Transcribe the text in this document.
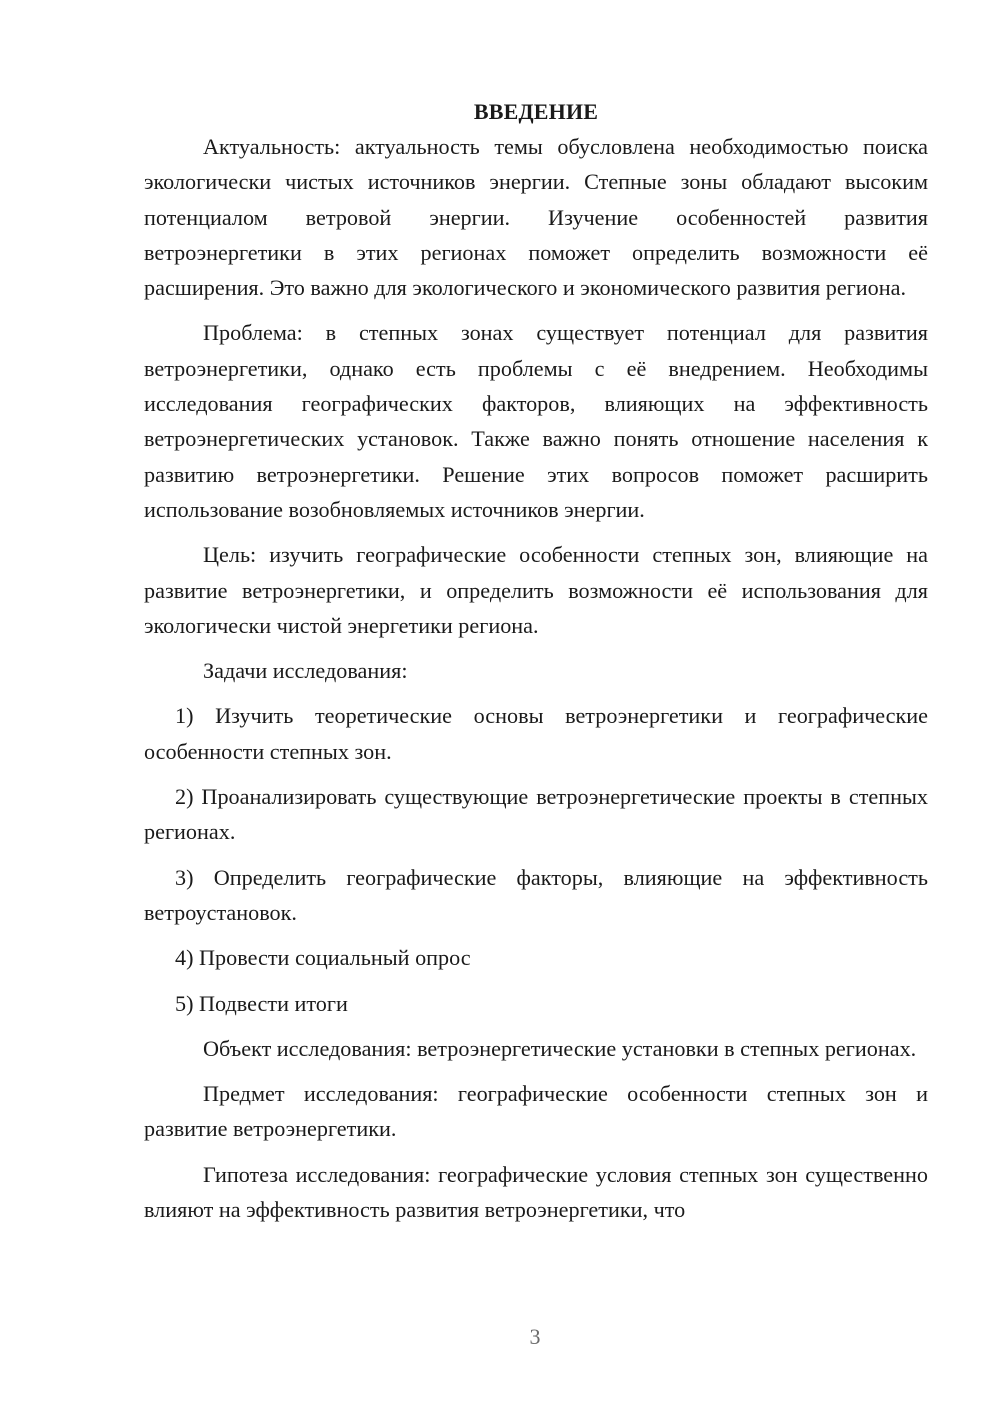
ВВЕДЕНИЕ

Актуальность: актуальность темы обусловлена необходимостью поиска экологически чистых источников энергии. Степные зоны обладают высоким потенциалом ветровой энергии. Изучение особенностей развития ветроэнергетики в этих регионах поможет определить возможности её расширения. Это важно для экологического и экономического развития региона.

Проблема: в степных зонах существует потенциал для развития ветроэнергетики, однако есть проблемы с её внедрением. Необходимы исследования географических факторов, влияющих на эффективность ветроэнергетических установок. Также важно понять отношение населения к развитию ветроэнергетики. Решение этих вопросов поможет расширить использование возобновляемых источников энергии.

Цель: изучить географические особенности степных зон, влияющие на развитие ветроэнергетики, и определить возможности её использования для экологически чистой энергетики региона.

Задачи исследования:

1) Изучить теоретические основы ветроэнергетики и географические особенности степных зон.

2) Проанализировать существующие ветроэнергетические проекты в степных регионах.

3) Определить географические факторы, влияющие на эффективность ветроустановок.

4) Провести социальный опрос

5) Подвести итоги

Объект исследования: ветроэнергетические установки в степных регионах.

Предмет исследования: географические особенности степных зон и развитие ветроэнергетики.

Гипотеза исследования: географические условия степных зон существенно влияют на эффективность развития ветроэнергетики, что

3
